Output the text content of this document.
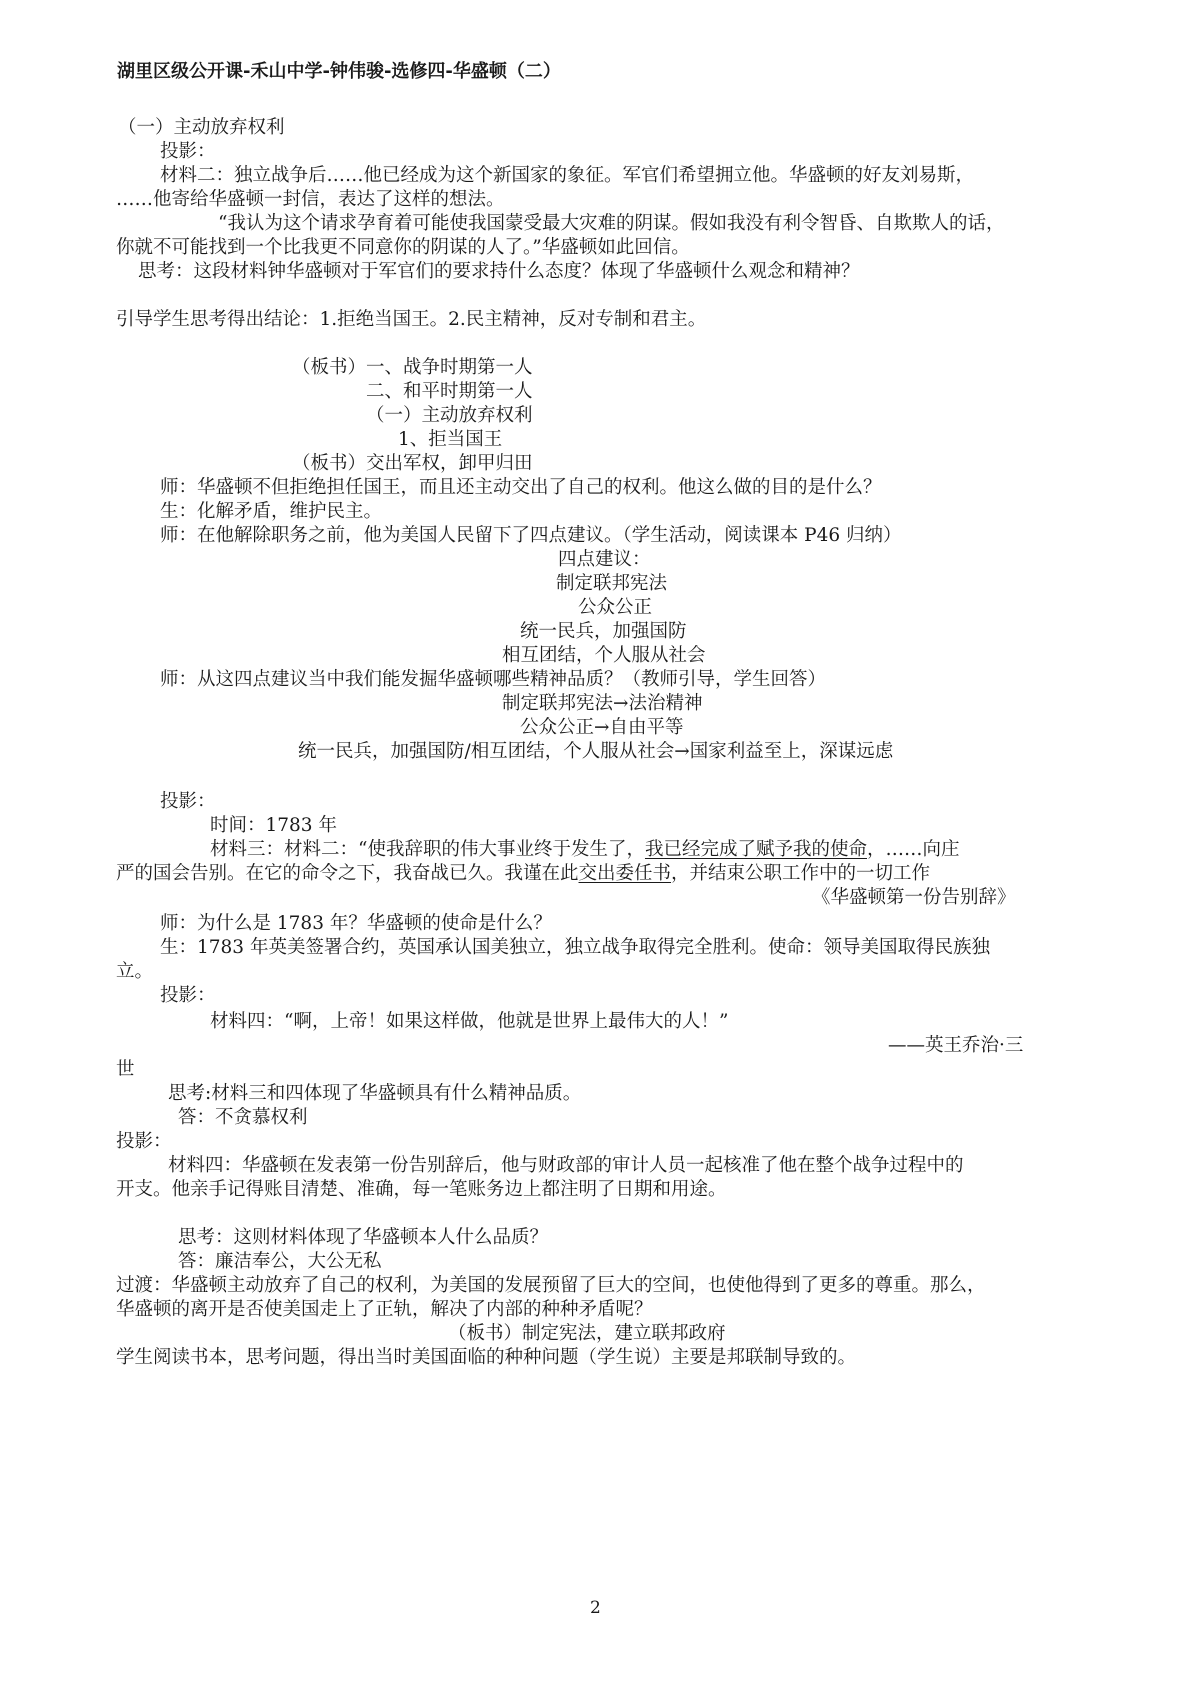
湖里区级公开课-禾山中学-钟伟骏-选修四-华盛顿（二）
（一）主动放弃权利
投影：
材料二：独立战争后……他已经成为这个新国家的象征。军官们希望拥立他。华盛顿的好友刘易斯，
……他寄给华盛顿一封信，表达了这样的想法。
“我认为这个请求孕育着可能使我国蒙受最大灾难的阴谋。假如我没有利令智昏、自欺欺人的话，
你就不可能找到一个比我更不同意你的阴谋的人了。”华盛顿如此回信。
思考：这段材料钟华盛顿对于军官们的要求持什么态度？体现了华盛顿什么观念和精神？
引导学生思考得出结论：1.拒绝当国王。2.民主精神，反对专制和君主。
（板书）一、战争时期第一人
二、和平时期第一人
（一）主动放弃权利
1、拒当国王
（板书）交出军权，卸甲归田
师：华盛顿不但拒绝担任国王，而且还主动交出了自己的权利。他这么做的目的是什么？
生：化解矛盾，维护民主。
师：在他解除职务之前，他为美国人民留下了四点建议。（学生活动，阅读课本 P46 归纳）
四点建议：
制定联邦宪法
公众公正
统一民兵，加强国防
相互团结，个人服从社会
师：从这四点建议当中我们能发掘华盛顿哪些精神品质？（教师引导，学生回答）
制定联邦宪法→法治精神
公众公正→自由平等
统一民兵，加强国防/相互团结，个人服从社会→国家利益至上，深谋远虑
投影：
时间：1783 年
材料三：材料二：“使我辞职的伟大事业终于发生了，我已经完成了赋予我的使命，……向庄
严的国会告别。在它的命令之下，我奋战已久。我谨在此交出委任书，并结束公职工作中的一切工作
《华盛顿第一份告别辞》
师：为什么是 1783 年？华盛顿的使命是什么？
生：1783 年英美签署合约，英国承认国美独立，独立战争取得完全胜利。使命：领导美国取得民族独
立。
投影：
材料四：“啊，上帝！如果这样做，他就是世界上最伟大的人！”
——英王乔治·三
世
思考:材料三和四体现了华盛顿具有什么精神品质。
答：不贪慕权利
投影：
材料四：华盛顿在发表第一份告别辞后，他与财政部的审计人员一起核准了他在整个战争过程中的
开支。他亲手记得账目清楚、准确，每一笔账务边上都注明了日期和用途。
思考：这则材料体现了华盛顿本人什么品质？
答：廉洁奉公，大公无私
过渡：华盛顿主动放弃了自己的权利，为美国的发展预留了巨大的空间，也使他得到了更多的尊重。那么，
华盛顿的离开是否使美国走上了正轨，解决了内部的种种矛盾呢？
（板书）制定宪法，建立联邦政府
学生阅读书本，思考问题，得出当时美国面临的种种问题（学生说）主要是邦联制导致的。
2
